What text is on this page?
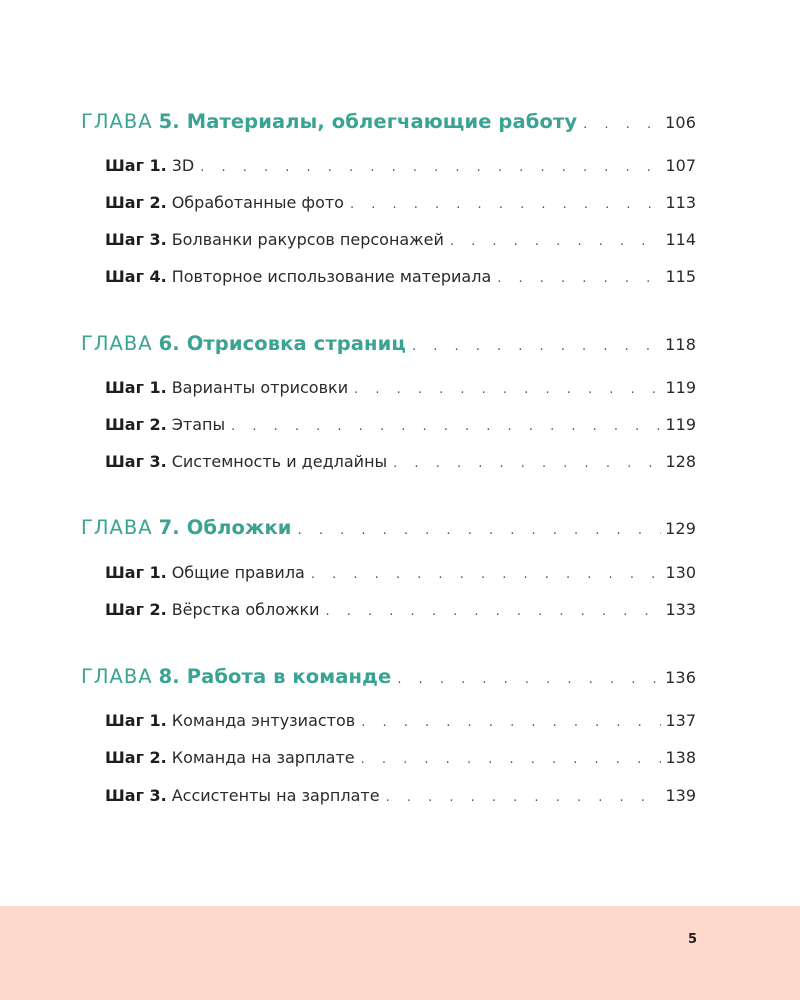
ГЛАВА 5. Материалы, облегчающие работу . . .	106
Шаг 1. 3D . . .	107
Шаг 2. Обработанные фото . . .	113
Шаг 3. Болванки ракурсов персонажей . . .	114
Шаг 4. Повторное использование материала . . .	115
ГЛАВА 6. Отрисовка страниц . . .	118
Шаг 1. Варианты отрисовки . . .	119
Шаг 2. Этапы . . .	119
Шаг 3. Системность и дедлайны . . .	128
ГЛАВА 7. Обложки . . .	129
Шаг 1. Общие правила . . .	130
Шаг 2. Вёрстка обложки . . .	133
ГЛАВА 8. Работа в команде . . .	136
Шаг 1. Команда энтузиастов . . .	137
Шаг 2. Команда на зарплате . . .	138
Шаг 3. Ассистенты на зарплате . . .	139
5
